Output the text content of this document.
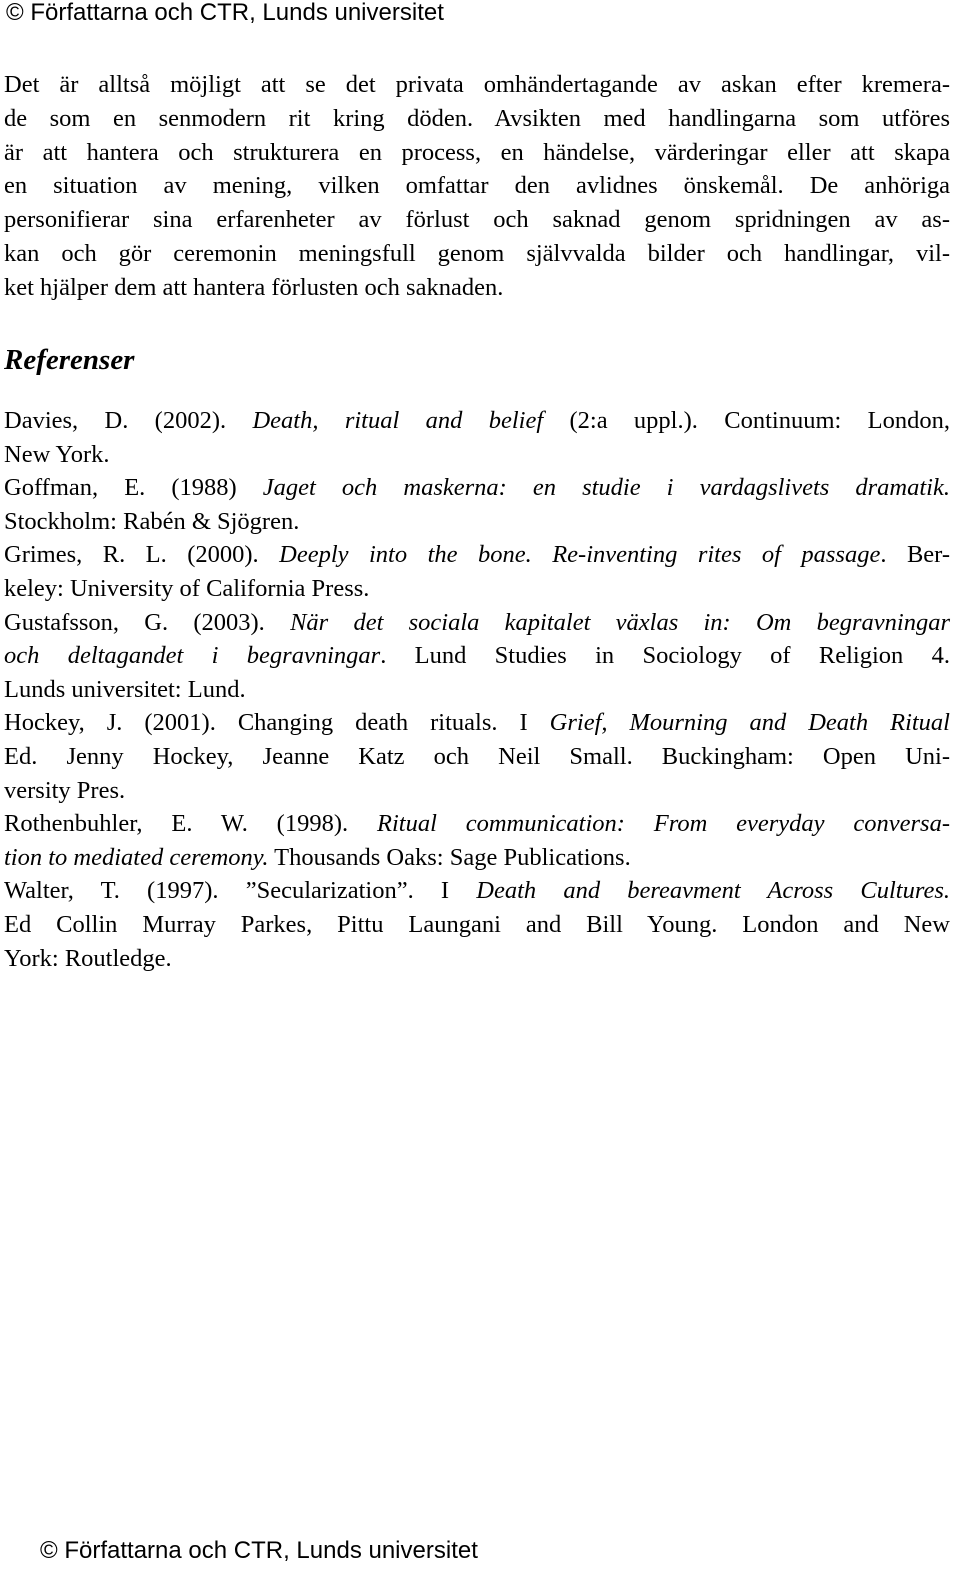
© Författarna och CTR, Lunds universitet
Det är alltså möjligt att se det privata omhändertagande av askan efter kremera-
de som en senmodern rit kring döden. Avsikten med handlingarna som utföres
är att hantera och strukturera en process, en händelse, värderingar eller att skapa
en situation av mening, vilken omfattar den avlidnes önskemål. De anhöriga
personifierar sina erfarenheter av förlust och saknad genom spridningen av as-
kan och gör ceremonin meningsfull genom självvalda bilder och handlingar, vil-
ket hjälper dem att hantera förlusten och saknaden.
Referenser
Davies, D. (2002). Death, ritual and belief (2:a uppl.). Continuum: London,
New York.
Goffman, E. (1988) Jaget och maskerna: en studie i vardagslivets dramatik.
Stockholm: Rabén & Sjögren.
Grimes, R. L. (2000). Deeply into the bone. Re-inventing rites of passage. Ber-
keley: University of California Press.
Gustafsson, G. (2003). När det sociala kapitalet växlas in: Om begravningar
och deltagandet i begravningar. Lund Studies in Sociology of Religion 4.
Lunds universitet: Lund.
Hockey, J. (2001). Changing death rituals. I Grief, Mourning and Death Ritual
Ed. Jenny Hockey, Jeanne Katz och Neil Small. Buckingham: Open Uni-
versity Pres.
Rothenbuhler, E. W. (1998). Ritual communication: From everyday conversa-
tion to mediated ceremony. Thousands Oaks: Sage Publications.
Walter, T. (1997). ”Secularization”. I Death and bereavment Across Cultures.
Ed Collin Murray Parkes, Pittu Laungani and Bill Young. London and New
York: Routledge.
© Författarna och CTR, Lunds universitet
